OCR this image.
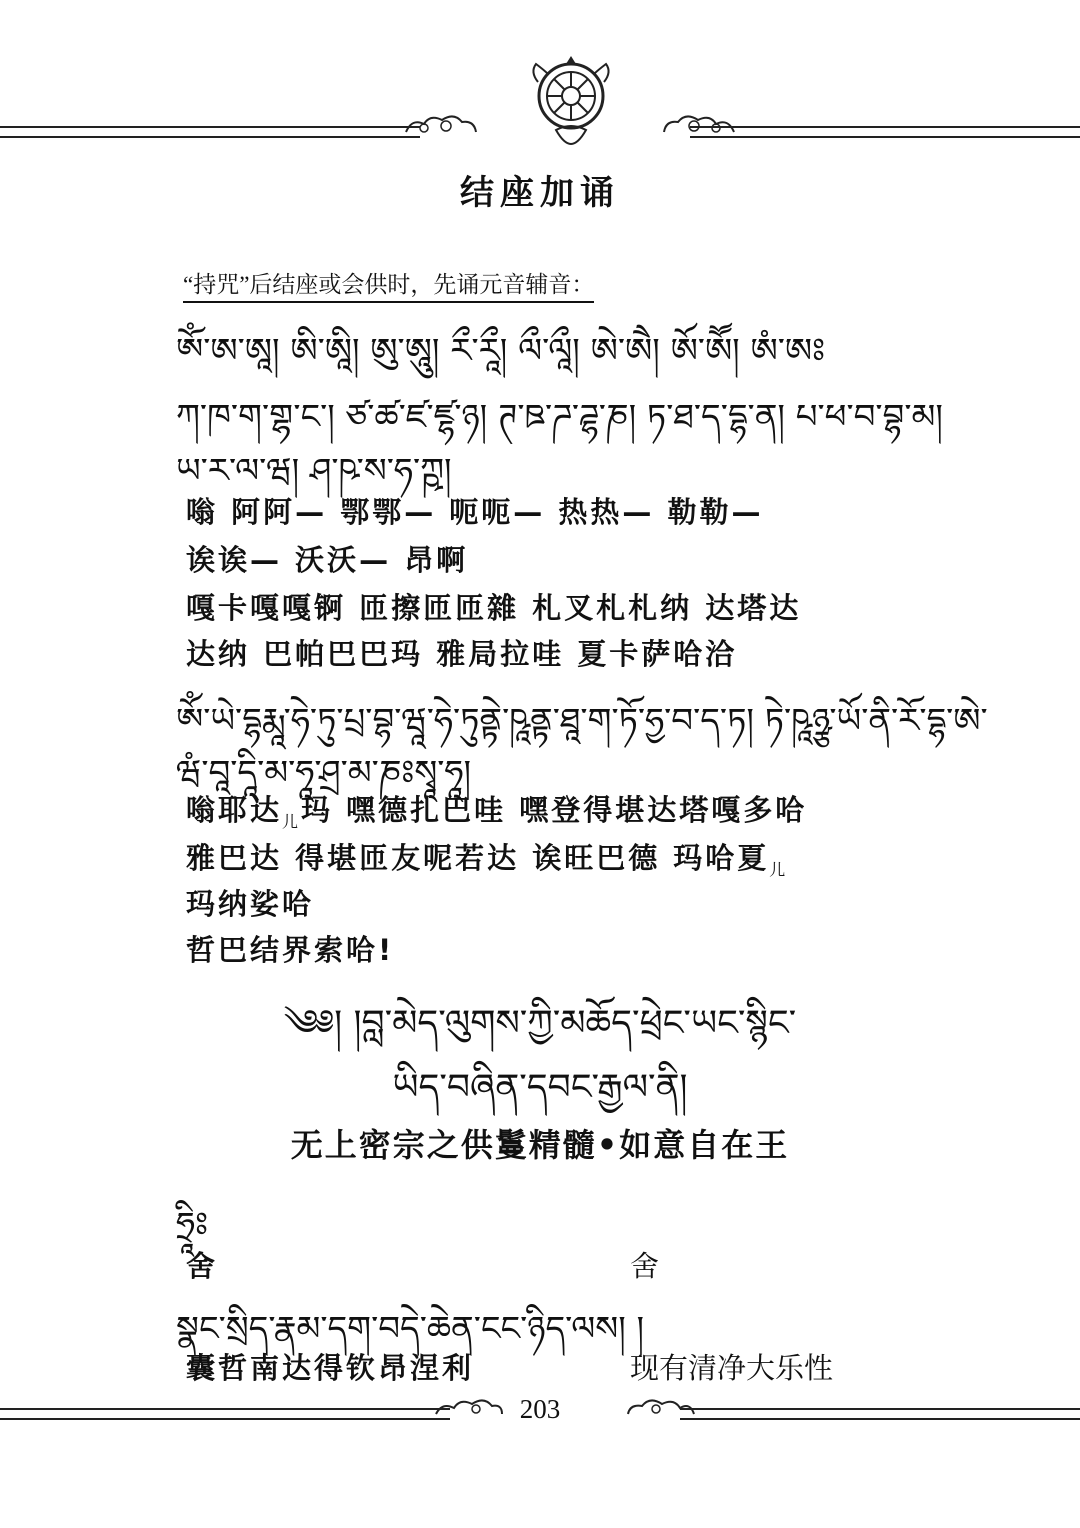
结座加诵
“持咒”后结座或会供时，先诵元音辅音：
ཨོཾ་ཨ་ཨཱ། ཨི་ཨཱི། ཨུ་ཨཱུ། རྀ་རཱྀ། ལྀ་ལཱྀ། ཨེ་ཨཻ། ཨོ་ཨཽ། ཨཾ་ཨཿ
ཀ་ཁ་ག་གྷ་ང་། ཙ་ཚ་ཛ་ཛྷ་ཉ། ཊ་ཋ་ཌ་ཌྷ་ཎ། ཏ་ཐ་ད་དྷ་ན། པ་ཕ་བ་བྷ་མ།
ཡ་ར་ལ་ཝ། ཤ་ཥ་ས་ཧ་ཀྵ།
嗡 阿阿— 鄂鄂— 呃呃— 热热— 勒勒—
诶诶— 沃沃— 昂啊
嘎卡嘎嘎锕 匝擦匝匝雜 札叉札札纳 达塔达
达纳 巴帕巴巴玛 雅局拉哇 夏卡萨哈洽
ཨོཾ་ཡེ་དྷརྨཱ་ཧེ་ཏུ་པྲ་བྷ་ཝཱ་ཧེ་ཏུནྟེ་ཥཱནྟ་ཐཱ་ག་ཏོ་ཧྱ་བ་ད་ཏ། ཏེ་ཥཱཉྩ་ཡོ་ནི་རོ་དྷ་ཨེ་
ཝཾ་བཱ་དཱི་མ་ཧཱ་ཤྲ་མ་ཎཿསྭཱ་ཧཱ།
嗡耶达$_儿$玛 嘿德扎巴哇 嘿登得堪达塔嘎多哈
雅巴达 得堪匝友呢若达 诶旺巴德 玛哈夏$_儿$
玛纳娑哈
哲巴结界索哈!
༄༅། །བླ་མེད་ལུགས་ཀྱི་མཆོད་ཕྲེང་ཡང་སྙིང་
ཡིད་བཞིན་དབང་རྒྱལ་ནི།
无上密宗之供鬘精髓•如意自在王
ཧྲཱིཿ
舍	舍
སྣང་སྲིད་རྣམ་དག་བདེ་ཆེན་ངང་ཉིད་ལས། །
囊哲南达得钦昂涅利	现有清净大乐性
203
